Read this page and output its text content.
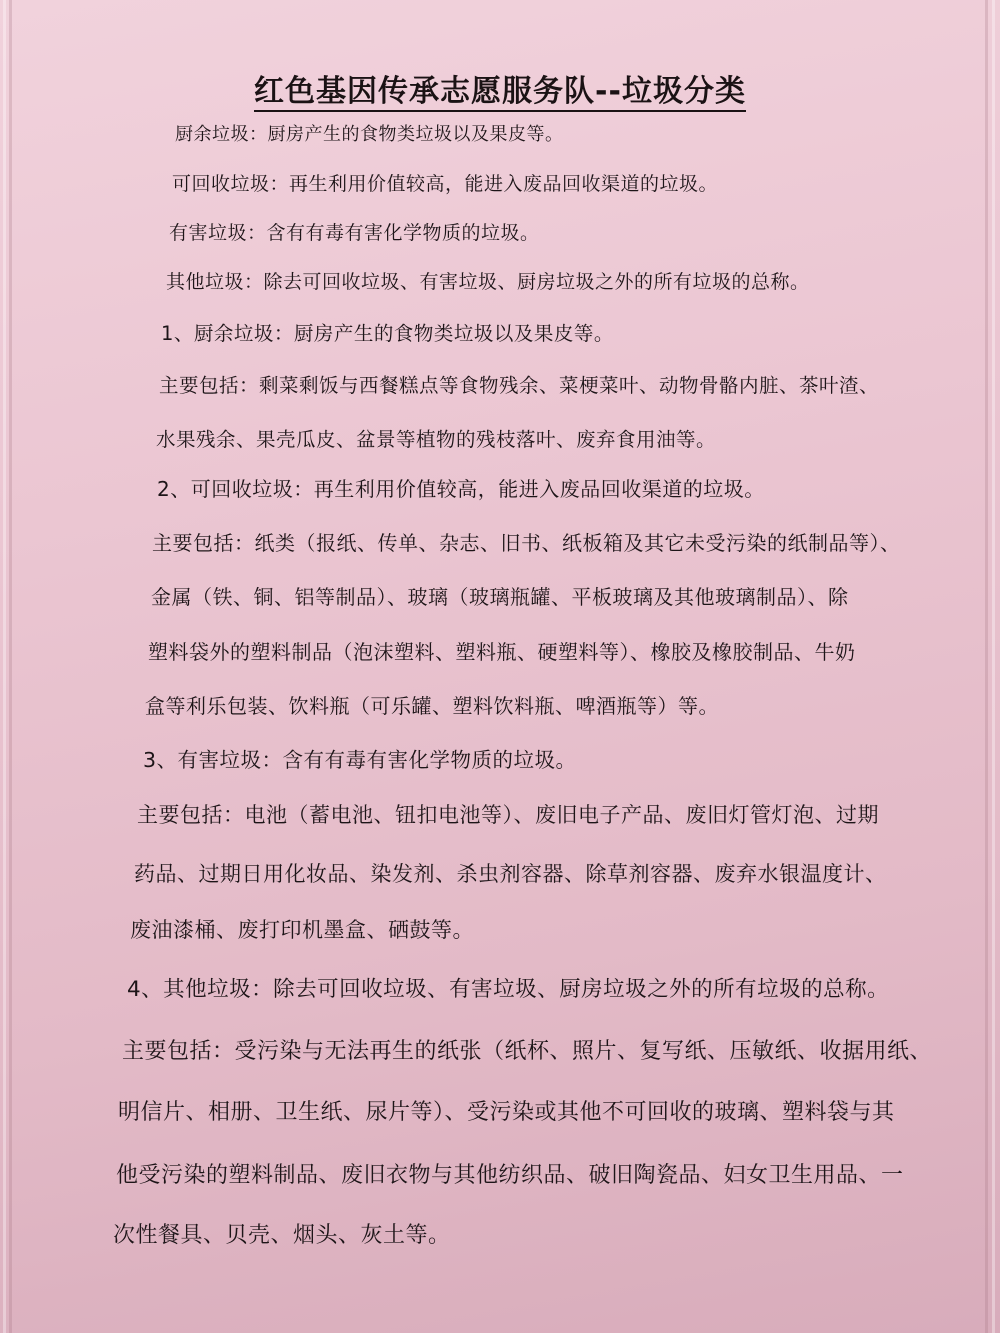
红色基因传承志愿服务队--垃圾分类
厨余垃圾：厨房产生的食物类垃圾以及果皮等。
可回收垃圾：再生利用价值较高，能进入废品回收渠道的垃圾。
有害垃圾：含有有毒有害化学物质的垃圾。
其他垃圾：除去可回收垃圾、有害垃圾、厨房垃圾之外的所有垃圾的总称。
1、厨余垃圾：厨房产生的食物类垃圾以及果皮等。
主要包括：剩菜剩饭与西餐糕点等食物残余、菜梗菜叶、动物骨骼内脏、茶叶渣、
水果残余、果壳瓜皮、盆景等植物的残枝落叶、废弃食用油等。
2、可回收垃圾：再生利用价值较高，能进入废品回收渠道的垃圾。
主要包括：纸类（报纸、传单、杂志、旧书、纸板箱及其它未受污染的纸制品等）、
金属（铁、铜、铝等制品）、玻璃（玻璃瓶罐、平板玻璃及其他玻璃制品）、除
塑料袋外的塑料制品（泡沫塑料、塑料瓶、硬塑料等）、橡胶及橡胶制品、牛奶
盒等利乐包装、饮料瓶（可乐罐、塑料饮料瓶、啤酒瓶等）等。
3、有害垃圾：含有有毒有害化学物质的垃圾。
主要包括：电池（蓄电池、钮扣电池等）、废旧电子产品、废旧灯管灯泡、过期
药品、过期日用化妆品、染发剂、杀虫剂容器、除草剂容器、废弃水银温度计、
废油漆桶、废打印机墨盒、硒鼓等。
4、其他垃圾：除去可回收垃圾、有害垃圾、厨房垃圾之外的所有垃圾的总称。
主要包括：受污染与无法再生的纸张（纸杯、照片、复写纸、压敏纸、收据用纸、
明信片、相册、卫生纸、尿片等）、受污染或其他不可回收的玻璃、塑料袋与其
他受污染的塑料制品、废旧衣物与其他纺织品、破旧陶瓷品、妇女卫生用品、一
次性餐具、贝壳、烟头、灰土等。
